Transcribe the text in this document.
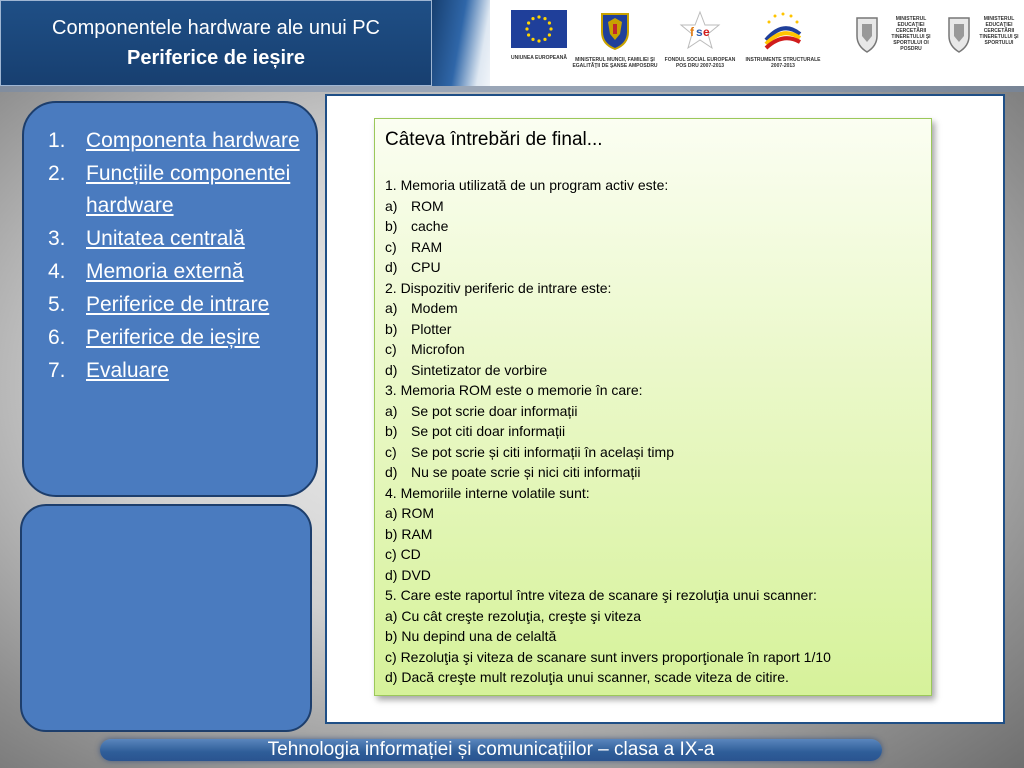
Componentele hardware ale unui PC
Periferice de ieșire	UNIUNEA EUROPEANĂ	MINISTERUL MUNCII, FAMILIEI ŞI EGALITĂŢII DE ŞANSE AMPOSDRU
f s e
FONDUL SOCIAL EUROPEAN POS DRU 2007-2013
INSTRUMENTE STRUCTURALE 2007-2013
MINISTERUL EDUCAŢIEI CERCETĂRII TINERETULUI ŞI SPORTULUI OI POSDRU
MINISTERUL EDUCAŢIEI CERCETĂRII TINERETULUI ŞI SPORTULUI
1. Componenta hardware
2. Funcțiile componentei hardware
3. Unitatea centrală
4. Memoria externă
5. Periferice de intrare
6. Periferice de ieșire
7. Evaluare
Câteva întrebări de final...
1. Memoria utilizată de un program activ este:
a) ROM
b) cache
c) RAM
d) CPU
2. Dispozitiv periferic de intrare este:
a) Modem
b) Plotter
c) Microfon
d) Sintetizator de vorbire
3. Memoria ROM este o memorie în care:
a) Se pot scrie doar informații
b) Se pot citi doar informații
c) Se pot scrie și citi informații în același timp
d) Nu se poate scrie și nici citi informații
4. Memoriile interne volatile sunt:
a) ROM
b) RAM
c) CD
d) DVD
5. Care este raportul între viteza de scanare şi rezoluţia unui scanner:
a) Cu cât creşte rezoluţia, creşte şi viteza
b) Nu depind una de celaltă
c) Rezoluţia şi viteza de scanare sunt invers proporţionale în raport 1/10
d) Dacă creşte mult rezoluţia unui scanner, scade viteza de citire.
Tehnologia informației și comunicațiilor – clasa a IX-a
